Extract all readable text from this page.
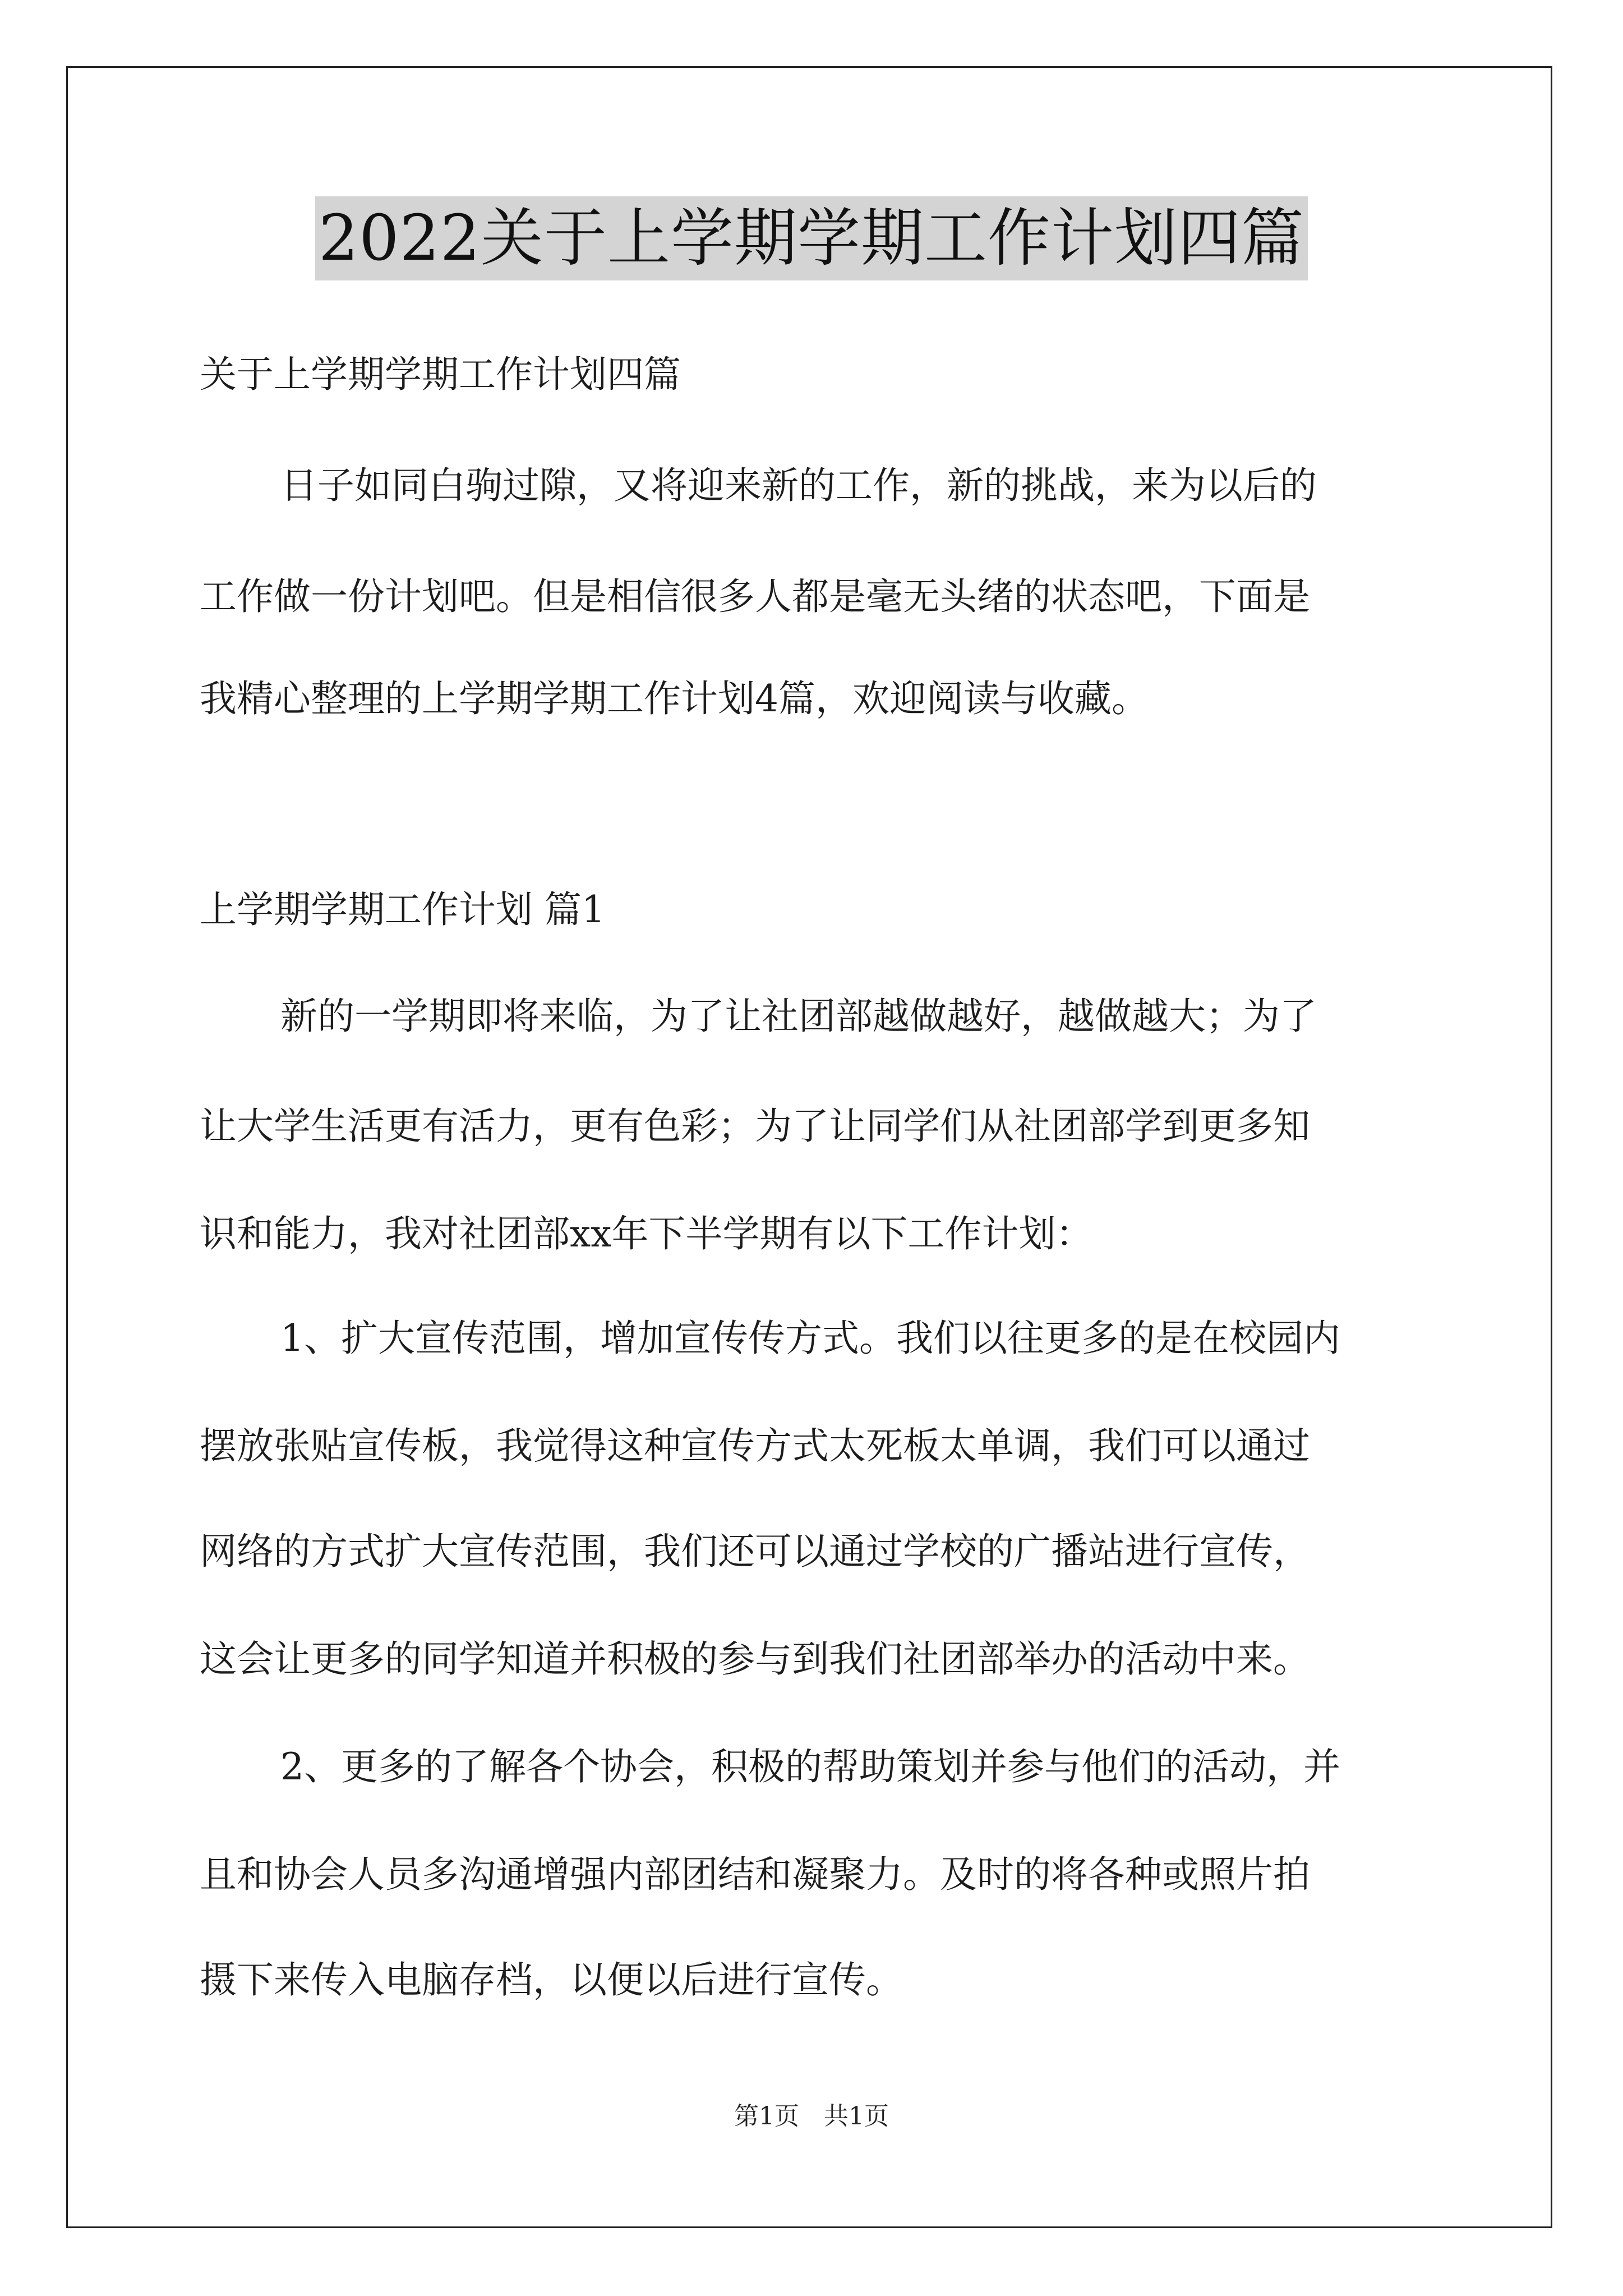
2022关于上学期学期工作计划四篇
关于上学期学期工作计划四篇
日子如同白驹过隙，又将迎来新的工作，新的挑战，来为以后的
工作做一份计划吧。但是相信很多人都是毫无头绪的状态吧，下面是
我精心整理的上学期学期工作计划4篇，欢迎阅读与收藏。
上学期学期工作计划 篇1
新的一学期即将来临，为了让社团部越做越好，越做越大；为了
让大学生活更有活力，更有色彩；为了让同学们从社团部学到更多知
识和能力，我对社团部xx年下半学期有以下工作计划：
1、扩大宣传范围，增加宣传传方式。我们以往更多的是在校园内
摆放张贴宣传板，我觉得这种宣传方式太死板太单调，我们可以通过
网络的方式扩大宣传范围，我们还可以通过学校的广播站进行宣传，
这会让更多的同学知道并积极的参与到我们社团部举办的活动中来。
2、更多的了解各个协会，积极的帮助策划并参与他们的活动，并
且和协会人员多沟通增强内部团结和凝聚力。及时的将各种或照片拍
摄下来传入电脑存档，以便以后进行宣传。
第1页　共1页
